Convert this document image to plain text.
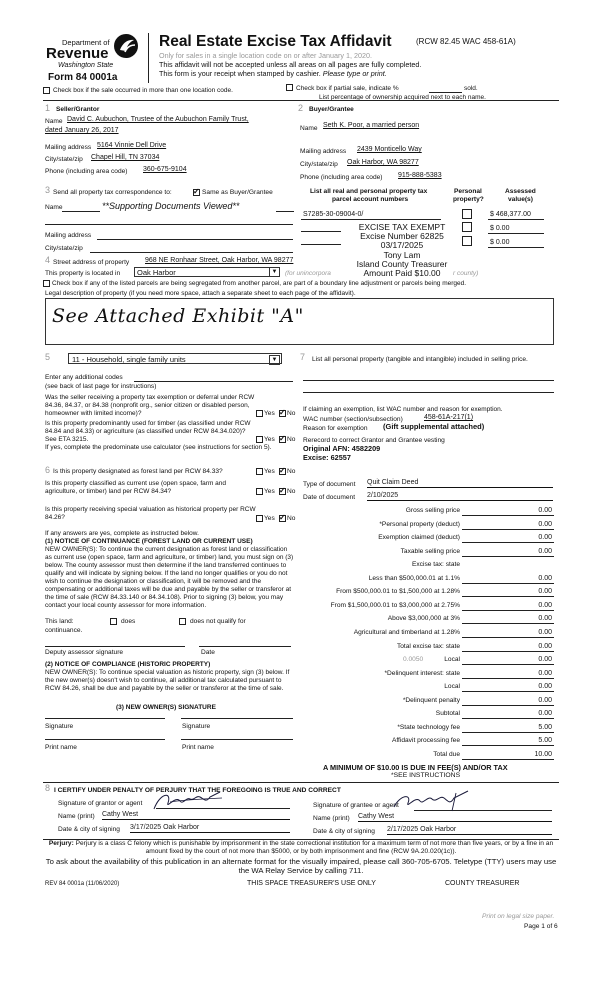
Department of
Revenue
Washington State
Form 84 0001a
Real Estate Excise Tax Affidavit	(RCW 82.45 WAC 458-61A)
Only for sales in a single location code on or after January 1, 2020.
This affidavit will not be accepted unless all areas on all pages are fully completed.
This form is your receipt when stamped by cashier. Please type or print.
Check box if the sale occurred in more than one location code.	Check box if partial sale, indicate %	sold.
List percentage of ownership acquired next to each name.
1 Seller/Grantor
Name David C. Aubuchon, Trustee of the Aubuchon Family Trust,
dated January 26, 2017
Mailing address 5164 Vinnie Dell Drive
City/state/zip Chapel Hill, TN 37034
Phone (including area code) 360-675-9104
2 Buyer/Grantee
Name Seth K. Poor, a married person
Mailing address 2439 Monticello Way
City/state/zip Oak Harbor, WA 98277
Phone (including area code) 915-888-5383
3 Send all property tax correspondence to: ✓	Same as Buyer/Grantee
Name	**Supporting Documents Viewed**
Mailing address
City/state/zip
List all real and personal property tax
parcel account numbers
Personal
property?
Assessed
value(s)
S7285-30-09004-0/	$ 468,377.00
$ 0.00
$ 0.00
EXCISE TAX EXEMPT
Excise Number 62825
03/17/2025
Tony Lam
Island County Treasurer
Amount Paid $10.00
4 Street address of property 968 NE Ronhaar Street, Oak Harbor, WA 98277
This property is located in Oak Harbor	▼ (for unincorpora	r county)
Check box if any of the listed parcels are being segregated from another parcel, are part of a boundary line adjustment or parcels being merged.
Legal description of property (if you need more space, attach a separate sheet to each page of the affidavit).
See Attached Exhibit "A"
5	11 - Household, single family units	▼
Enter any additional codes
(see back of last page for instructions)
Was the seller receiving a property tax exemption or deferral under RCW 84.36, 84.37, or 84.38 (nonprofit org., senior citizen or disabled person, homeowner with limited income)?	Yes ✓ No
Is this property predominantly used for timber (as classified under RCW 84.84 and 84.33) or agriculture (as classified under RCW 84.34.020)? See ETA 3215.	Yes ✓ No
If yes, complete the predominate use calculator (see instructions for section 5).
6 Is this property designated as forest land per RCW 84.33?	Yes ✓ No
Is this property classified as current use (open space, farm and agriculture, or timber) land per RCW 84.34?	Yes ✓ No
Is this property receiving special valuation as historical property per RCW 84.26?	Yes ✓ No
If any answers are yes, complete as instructed below.
(1) NOTICE OF CONTINUANCE (FOREST LAND OR CURRENT USE)
NEW OWNER(S): To continue the current designation as forest land or classification as current use (open space, farm and agriculture, or timber) land, you must sign on (3) below. The county assessor must then determine if the land transferred continues to qualify and will indicate by signing below. If the land no longer qualifies or you do not wish to continue the designation or classification, it will be removed and the compensating or additional taxes will be due and payable by the seller or transferor at the time of sale (RCW 84.33.140 or 84.34.108). Prior to signing (3) below, you may contact your local county assessor for more information.
This land:	does	does not qualify for
continuance.
Deputy assessor signature	Date
(2) NOTICE OF COMPLIANCE (HISTORIC PROPERTY)
NEW OWNER(S): To continue special valuation as historic property, sign (3) below. If the new owner(s) doesn't wish to continue, all additional tax calculated pursuant to RCW 84.26, shall be due and payable by the seller or transferor at the time of sale.
(3) NEW OWNER(S) SIGNATURE
Signature	Signature
Print name	Print name
7 List all personal property (tangible and intangible) included in selling price.
If claiming an exemption, list WAC number and reason for exemption.
WAC number (section/subsection)	458-61A-217(1)
Reason for exemption (Gift supplemental attached)
Rerecord to correct Grantor and Grantee vesting
Original AFN: 4582209
Excise: 62557
Type of document Quit Claim Deed
Date of document 2/10/2025
Gross selling price	0.00
*Personal property (deduct)	0.00
Exemption claimed (deduct)	0.00
Taxable selling price	0.00
Excise tax: state
Less than $500,000.01 at 1.1%	0.00
From $500,000.01 to $1,500,000 at 1.28%	0.00
From $1,500,000.01 to $3,000,000 at 2.75%	0.00
Above $3,000,000 at 3%	0.00
Agricultural and timberland at 1.28%	0.00
Total excise tax: state	0.00
Local
0.0050	0.00
*Delinquent interest: state	0.00
Local	0.00
*Delinquent penalty	0.00
Subtotal	0.00
*State technology fee	5.00
Affidavit processing fee	5.00
Total due	10.00
A MINIMUM OF $10.00 IS DUE IN FEE(S) AND/OR TAX
*SEE INSTRUCTIONS
8 I CERTIFY UNDER PENALTY OF PERJURY THAT THE FOREGOING IS TRUE AND CORRECT
Signature of grantor or agent
Name (print) Cathy West
Date & city of signing 3/17/2025 Oak Harbor
Signature of grantee or agent
Name (print) Cathy West
Date & city of signing 2/17/2025 Oak Harbor
Perjury: Perjury is a class C felony which is punishable by imprisonment in the state correctional institution for a maximum term of not more than five years, or by a fine in an amount fixed by the court of not more than $5000, or by both imprisonment and fine (RCW 9A.20.020(1c)).
To ask about the availability of this publication in an alternate format for the visually impaired, please call 360-705-6705. Teletype (TTY) users may use the WA Relay Service by calling 711.
REV 84 0001a (11/06/2020)	THIS SPACE TREASURER'S USE ONLY	COUNTY TREASURER
Print on legal size paper.
Page 1 of 6
